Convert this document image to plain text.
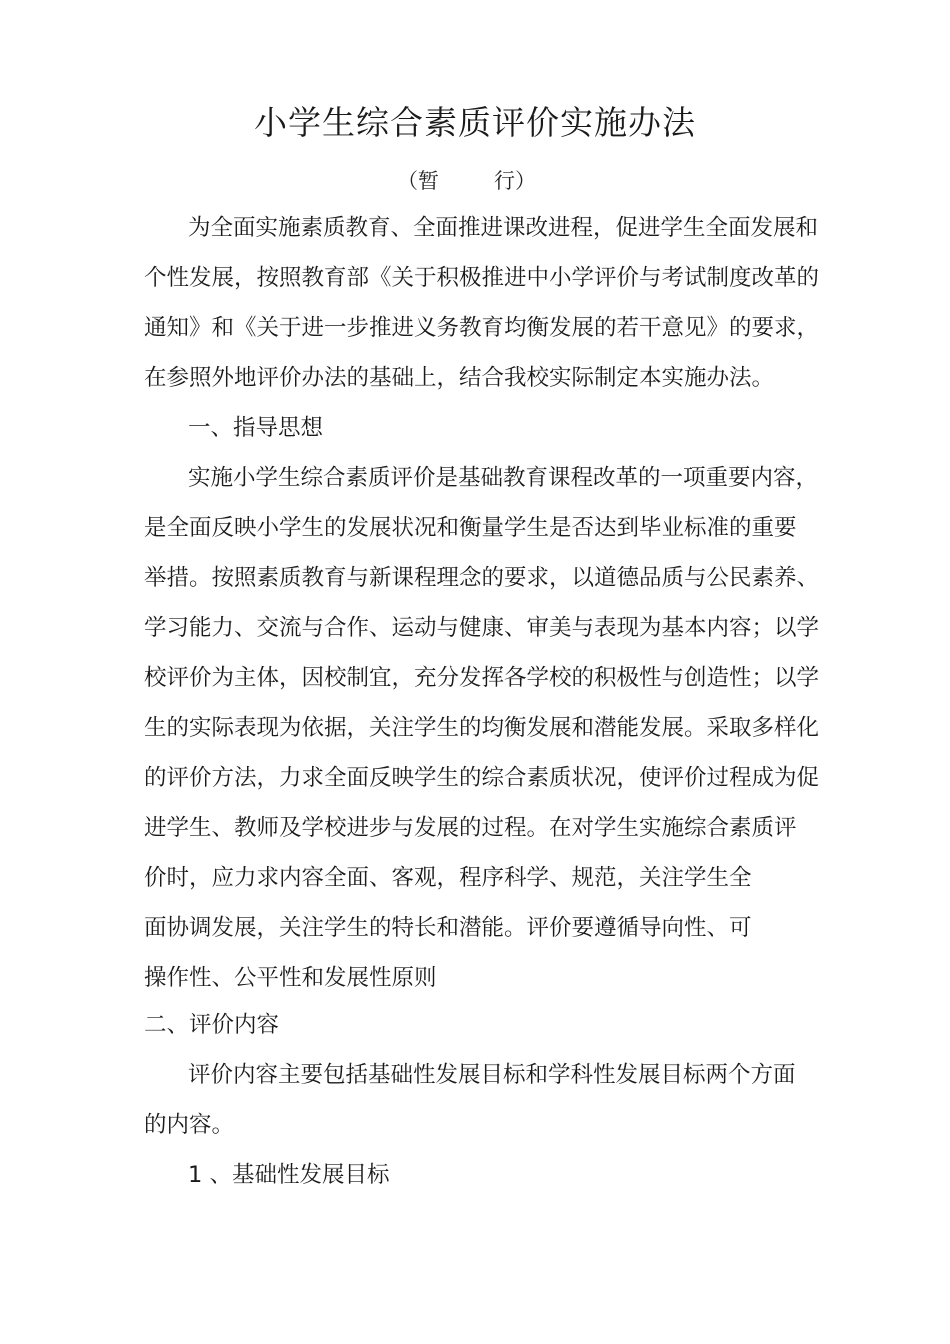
小学生综合素质评价实施办法
（暂	行）
为全面实施素质教育、全面推进课改进程，促进学生全面发展和
个性发展，按照教育部《关于积极推进中小学评价与考试制度改革的
通知》和《关于进一步推进义务教育均衡发展的若干意见》的要求，
在参照外地评价办法的基础上，结合我校实际制定本实施办法。
一、指导思想
实施小学生综合素质评价是基础教育课程改革的一项重要内容，
是全面反映小学生的发展状况和衡量学生是否达到毕业标准的重要
举措。按照素质教育与新课程理念的要求，以道德品质与公民素养、
学习能力、交流与合作、运动与健康、审美与表现为基本内容；以学
校评价为主体，因校制宜，充分发挥各学校的积极性与创造性；以学
生的实际表现为依据，关注学生的均衡发展和潜能发展。采取多样化
的评价方法，力求全面反映学生的综合素质状况，使评价过程成为促
进学生、教师及学校进步与发展的过程。在对学生实施综合素质评
价时，应力求内容全面、客观，程序科学、规范，关注学生全
面协调发展，关注学生的特长和潜能。评价要遵循导向性、可
操作性、公平性和发展性原则
二、评价内容
评价内容主要包括基础性发展目标和学科性发展目标两个方面
的内容。
1 、基础性发展目标
